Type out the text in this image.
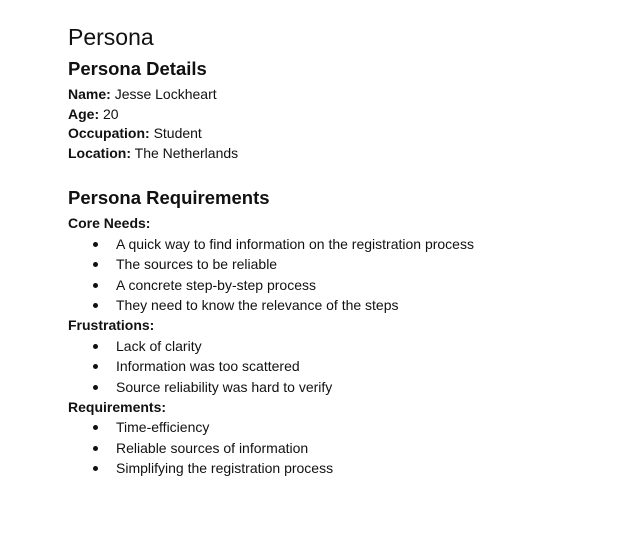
Persona
Persona Details
Name: Jesse Lockheart
Age: 20
Occupation: Student
Location: The Netherlands
Persona Requirements
Core Needs:
A quick way to find information on the registration process
The sources to be reliable
A concrete step-by-step process
They need to know the relevance of the steps
Frustrations:
Lack of clarity
Information was too scattered
Source reliability was hard to verify
Requirements:
Time-efficiency
Reliable sources of information
Simplifying the registration process
